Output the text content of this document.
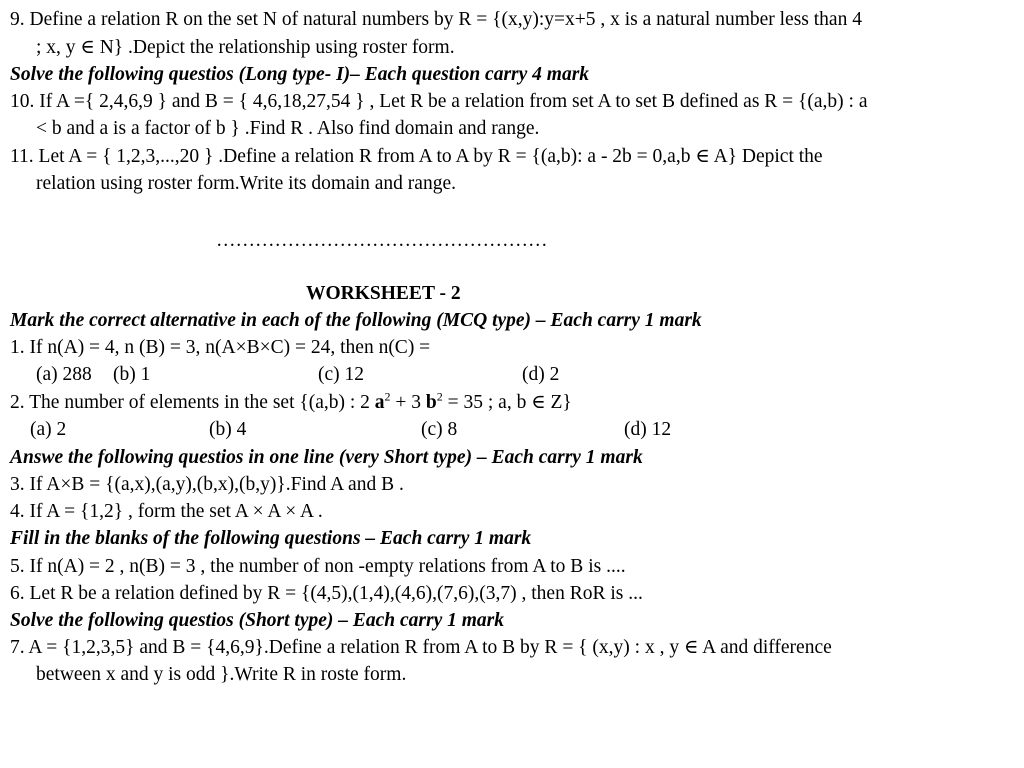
9. Define a relation R on the set N of natural numbers by R = {(x,y):y=x+5 , x is a natural number less than 4
; x, y ∈ N} .Depict the relationship using roster form.
Solve the following questios (Long type- I)– Each question carry 4 mark
10. If A ={ 2,4,6,9 } and B = { 4,6,18,27,54 } , Let R be a relation from set A to set B defined as R = {(a,b) : a
< b and a is a factor of b } .Find R . Also find domain and range.
11. Let A = { 1,2,3,...,20 } .Define a relation R from A to A by R = {(a,b): a - 2b = 0,a,b ∈ A} Depict the
relation using roster form.Write its domain and range.
……………………………………………
WORKSHEET - 2
Mark the correct alternative in each of the following (MCQ type) – Each carry 1 mark
1. If n(A) = 4, n (B) = 3, n(A×B×C) = 24, then n(C) =
(a) 288 (b) 1	(c) 12	(d) 2
2. The number of elements in the set {(a,b) : 2 $a^2 + 3$ $b^2 = 35$ ; a, b ∈ Z}
(a) 2	(b) 4	(c) 8	(d) 12
Answe the following questios in one line (very Short type) – Each carry 1 mark
3. If A×B = {(a,x),(a,y),(b,x),(b,y)}.Find A and B .
4. If A = {1,2} , form the set A × A × A .
Fill in the blanks of the following questions – Each carry 1 mark
5. If n(A) = 2 , n(B) = 3 , the number of non -empty relations from A to B is ....
6. Let R be a relation defined by R = {(4,5),(1,4),(4,6),(7,6),(3,7) , then RoR is ...
Solve the following questios (Short type) – Each carry 1 mark
7. A = {1,2,3,5} and B = {4,6,9}.Define a relation R from A to B by R = { (x,y) : x , y ∈ A and difference
between x and y is odd }.Write R in roste form.
